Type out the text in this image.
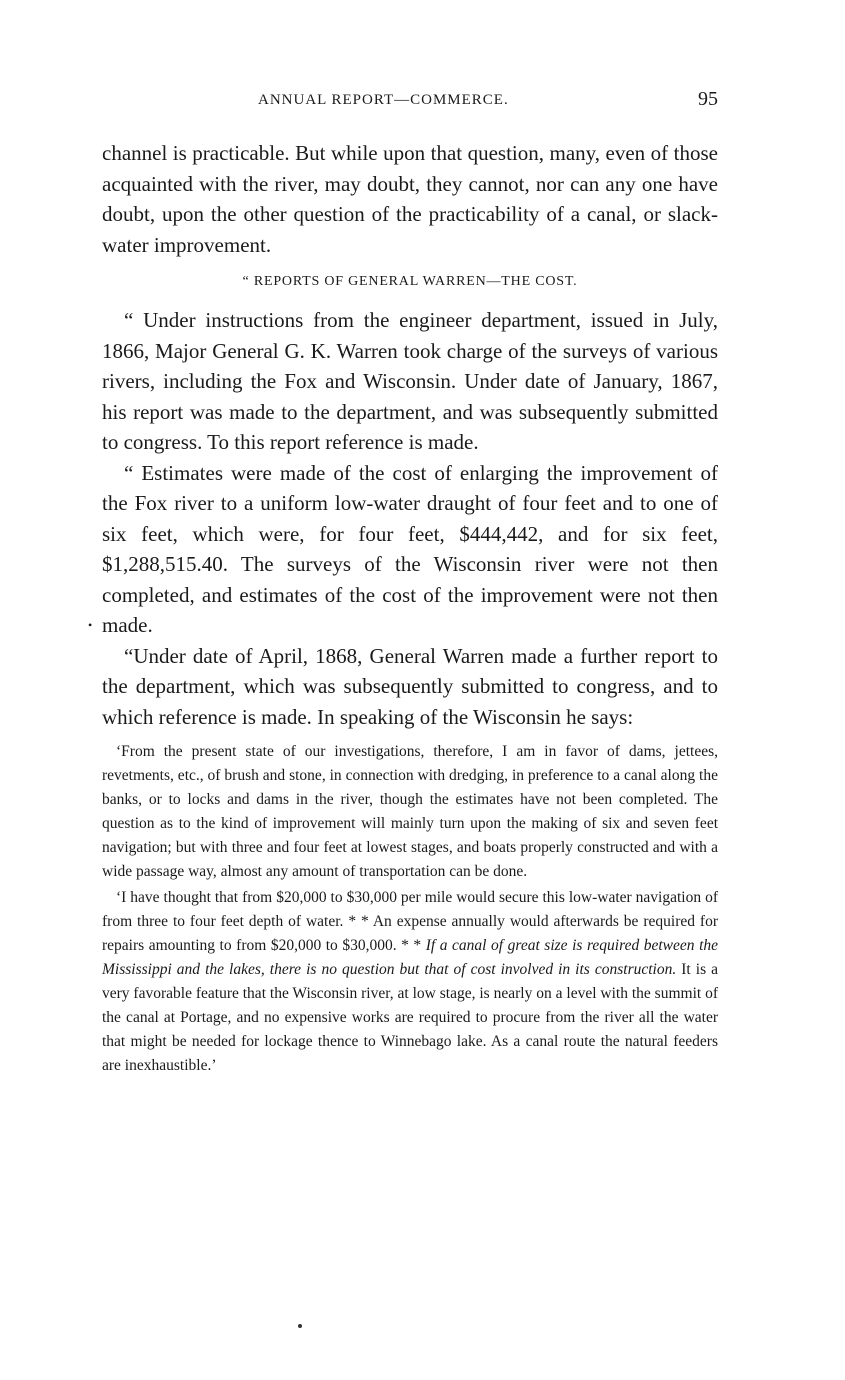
ANNUAL REPORT—COMMERCE.	95
•

channel is practicable. But while upon that question, many, even of those acquainted with the river, may doubt, they cannot, nor can any one have doubt, upon the other question of the practicability of a canal, or slack-water improvement.

“ REPORTS OF GENERAL WARREN—THE COST.

“ Under instructions from the engineer department, issued in July, 1866, Major General G. K. Warren took charge of the surveys of various rivers, including the Fox and Wisconsin. Under date of January, 1867, his report was made to the department, and was subsequently submitted to congress. To this report reference is made.

“ Estimates were made of the cost of enlarging the improvement of the Fox river to a uniform low-water draught of four feet and to one of six feet, which were, for four feet, $444,442, and for six feet, $1,288,515.40. The surveys of the Wisconsin river were not then completed, and estimates of the cost of the improvement were not then made.

“Under date of April, 1868, General Warren made a further report to the department, which was subsequently submitted to congress, and to which reference is made. In speaking of the Wisconsin he says:

‘From the present state of our investigations, therefore, I am in favor of dams, jettees, revetments, etc., of brush and stone, in connection with dredging, in preference to a canal along the banks, or to locks and dams in the river, though the estimates have not been completed. The question as to the kind of improvement will mainly turn upon the making of six and seven feet navigation; but with three and four feet at lowest stages, and boats properly constructed and with a wide passage way, almost any amount of transportation can be done.

‘I have thought that from $20,000 to $30,000 per mile would secure this low-water navigation of from three to four feet depth of water. * * An expense annually would afterwards be required for repairs amounting to from $20,000 to $30,000. * * If a canal of great size is required between the Mississippi and the lakes, there is no question but that of cost involved in its construction. It is a very favorable feature that the Wisconsin river, at low stage, is nearly on a level with the summit of the canal at Portage, and no expensive works are required to procure from the river all the water that might be needed for lockage thence to Winnebago lake. As a canal route the natural feeders are inexhaustible.’
